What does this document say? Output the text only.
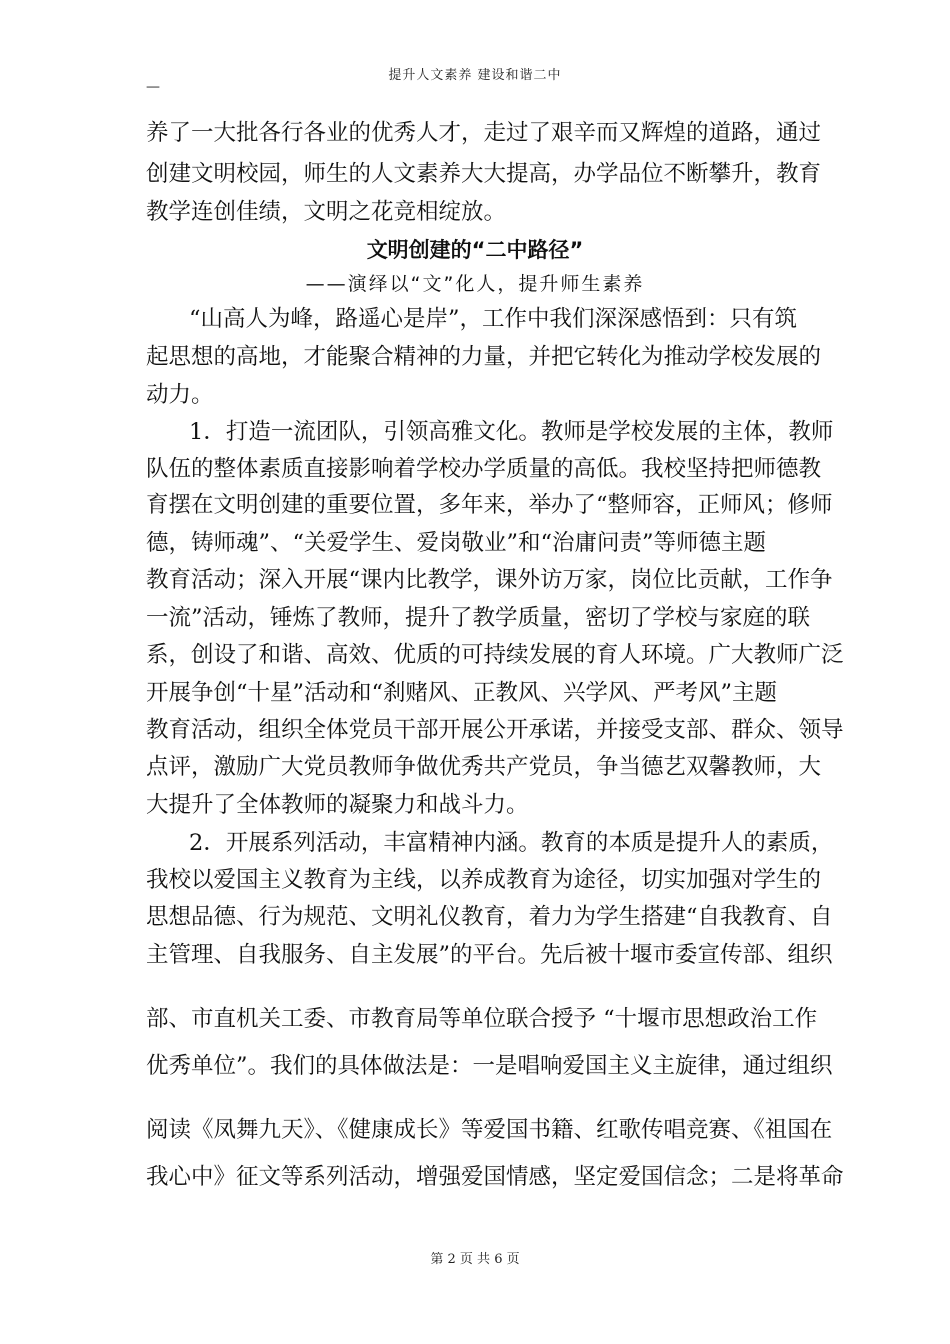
提升人文素养 建设和谐二中
—
养了一大批各行各业的优秀人才，走过了艰辛而又辉煌的道路，通过
创建文明校园，师生的人文素养大大提高，办学品位不断攀升，教育
教学连创佳绩，文明之花竞相绽放。
文明创建的“二中路径”
——演绎以“文”化人，提升师生素养
“山高人为峰，路遥心是岸”，工作中我们深深感悟到：只有筑
起思想的高地，才能聚合精神的力量，并把它转化为推动学校发展的
动力。
1．打造一流团队，引领高雅文化。教师是学校发展的主体，教师
队伍的整体素质直接影响着学校办学质量的高低。我校坚持把师德教
育摆在文明创建的重要位置，多年来，举办了“整师容，正师风；修师
德，铸师魂”、“关爱学生、爱岗敬业”和“治庸问责”等师德主题
教育活动；深入开展“课内比教学，课外访万家，岗位比贡献，工作争
一流”活动，锤炼了教师，提升了教学质量，密切了学校与家庭的联
系，创设了和谐、高效、优质的可持续发展的育人环境。广大教师广泛
开展争创“十星”活动和“刹赌风、正教风、兴学风、严考风”主题
教育活动，组织全体党员干部开展公开承诺，并接受支部、群众、领导
点评，激励广大党员教师争做优秀共产党员，争当德艺双馨教师，大
大提升了全体教师的凝聚力和战斗力。
2．开展系列活动，丰富精神内涵。教育的本质是提升人的素质，
我校以爱国主义教育为主线，以养成教育为途径，切实加强对学生的
思想品德、行为规范、文明礼仪教育，着力为学生搭建“自我教育、自
主管理、自我服务、自主发展”的平台。先后被十堰市委宣传部、组织
部、市直机关工委、市教育局等单位联合授予 “十堰市思想政治工作
优秀单位”。我们的具体做法是：一是唱响爱国主义主旋律，通过组织
阅读《凤舞九天》、《健康成长》等爱国书籍、红歌传唱竞赛、《祖国在
我心中》征文等系列活动，增强爱国情感，坚定爱国信念；二是将革命
第 2 页 共 6 页
